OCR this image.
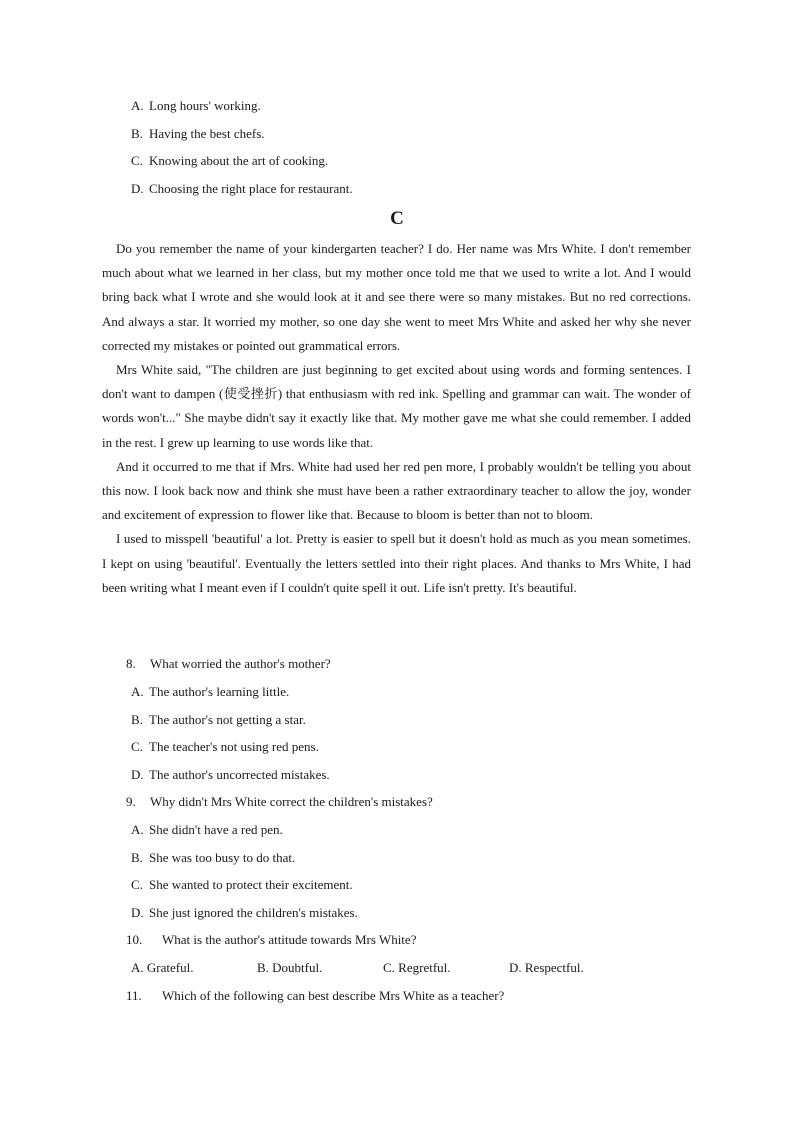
A. Long hours' working.
B. Having the best chefs.
C. Knowing about the art of cooking.
D. Choosing the right place for restaurant.
C

Do you remember the name of your kindergarten teacher? I do. Her name was Mrs White. I don't remember much about what we learned in her class, but my mother once told me that we used to write a lot. And I would bring back what I wrote and she would look at it and see there were so many mistakes. But no red corrections. And always a star. It worried my mother, so one day she went to meet Mrs White and asked her why she never corrected my mistakes or pointed out grammatical errors.

Mrs White said, "The children are just beginning to get excited about using words and forming sentences. I don't want to dampen (使受挫折) that enthusiasm with red ink. Spelling and grammar can wait. The wonder of words won't..." She maybe didn't say it exactly like that. My mother gave me what she could remember. I added in the rest. I grew up learning to use words like that.

And it occurred to me that if Mrs. White had used her red pen more, I probably wouldn't be telling you about this now. I look back now and think she must have been a rather extraordinary teacher to allow the joy, wonder and excitement of expression to flower like that. Because to bloom is better than not to bloom.

I used to misspell 'beautiful' a lot. Pretty is easier to spell but it doesn't hold as much as you mean sometimes. I kept on using 'beautiful'. Eventually the letters settled into their right places. And thanks to Mrs White, I had been writing what I meant even if I couldn't quite spell it out. Life isn't pretty. It's beautiful.

8. What worried the author's mother?
A. The author's learning little.
B. The author's not getting a star.
C. The teacher's not using red pens.
D. The author's uncorrected mistakes.
9. Why didn't Mrs White correct the children's mistakes?
A. She didn't have a red pen.
B. She was too busy to do that.
C. She wanted to protect their excitement.
D. She just ignored the children's mistakes.
10. What is the author's attitude towards Mrs White?
A. Grateful.	B. Doubtful.	C. Regretful.	D. Respectful.
11. Which of the following can best describe Mrs White as a teacher?
